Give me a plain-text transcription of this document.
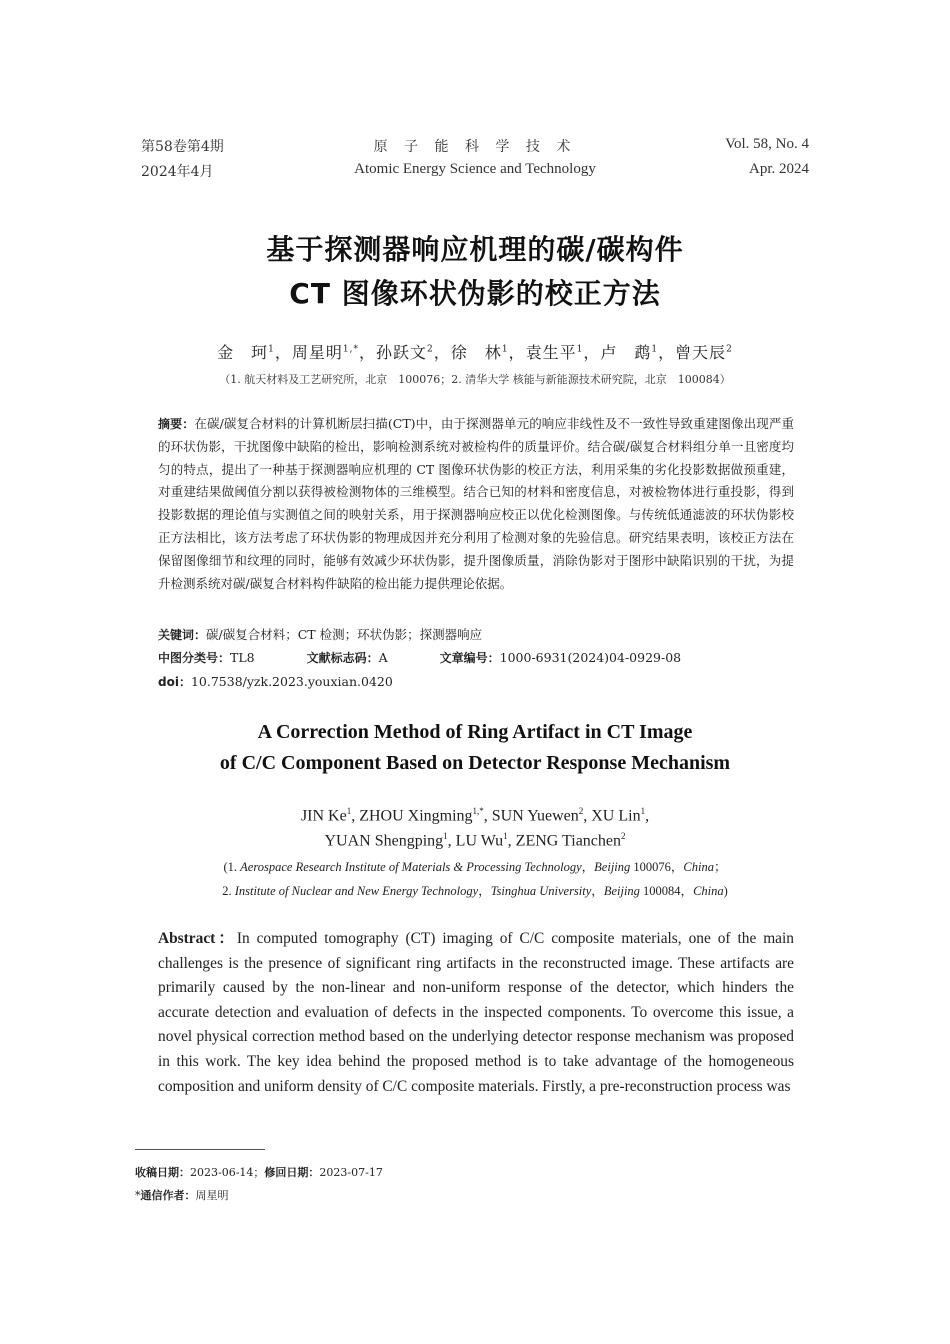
第58卷第4期
2024年4月
原 子 能 科 学 技 术
Atomic Energy Science and Technology
Vol. 58, No. 4
Apr. 2024
基于探测器响应机理的碳/碳构件
CT 图像环状伪影的校正方法
金　珂$^1$，周星明$^{1,*}$，孙跃文$^2$，徐　林$^1$，袁生平$^1$，卢　鹉$^1$，曾天辰$^2$
（1. 航天材料及工艺研究所，北京　100076；2. 清华大学 核能与新能源技术研究院，北京　100084）
摘要：在碳/碳复合材料的计算机断层扫描(CT)中，由于探测器单元的响应非线性及不一致性导致重建图像出现严重的环状伪影，干扰图像中缺陷的检出，影响检测系统对被检构件的质量评价。结合碳/碳复合材料组分单一且密度均匀的特点，提出了一种基于探测器响应机理的 CT 图像环状伪影的校正方法，利用采集的劣化投影数据做预重建，对重建结果做阈值分割以获得被检测物体的三维模型。结合已知的材料和密度信息，对被检物体进行重投影，得到投影数据的理论值与实测值之间的映射关系，用于探测器响应校正以优化检测图像。与传统低通滤波的环状伪影校正方法相比，该方法考虑了环状伪影的物理成因并充分利用了检测对象的先验信息。研究结果表明，该校正方法在保留图像细节和纹理的同时，能够有效减少环状伪影，提升图像质量，消除伪影对于图形中缺陷识别的干扰，为提升检测系统对碳/碳复合材料构件缺陷的检出能力提供理论依据。
关键词：碳/碳复合材料；CT 检测；环状伪影；探测器响应
中图分类号：TL8	文献标志码：A	文章编号：1000-6931(2024)04-0929-08
doi：10.7538/yzk.2023.youxian.0420
A Correction Method of Ring Artifact in CT Image
of C/C Component Based on Detector Response Mechanism
JIN Ke$^1$, ZHOU Xingming$^{1,*}$, SUN Yuewen$^2$, XU Lin$^1$,
YUAN Shengping$^1$, LU Wu$^1$, ZENG Tianchen$^2$
(1. Aerospace Research Institute of Materials & Processing Technology，Beijing 100076，China；
2. Institute of Nuclear and New Energy Technology，Tsinghua University，Beijing 100084，China)
Abstract：In computed tomography (CT) imaging of C/C composite materials, one of the main challenges is the presence of significant ring artifacts in the reconstructed image. These artifacts are primarily caused by the non-linear and non-uniform response of the detector, which hinders the accurate detection and evaluation of defects in the inspected components. To overcome this issue, a novel physical correction method based on the underlying detector response mechanism was proposed in this work. The key idea behind the proposed method is to take advantage of the homogeneous composition and uniform density of C/C composite materials. Firstly, a pre-reconstruction process was
收稿日期：2023-06-14；修回日期：2023-07-17
*通信作者：周星明
